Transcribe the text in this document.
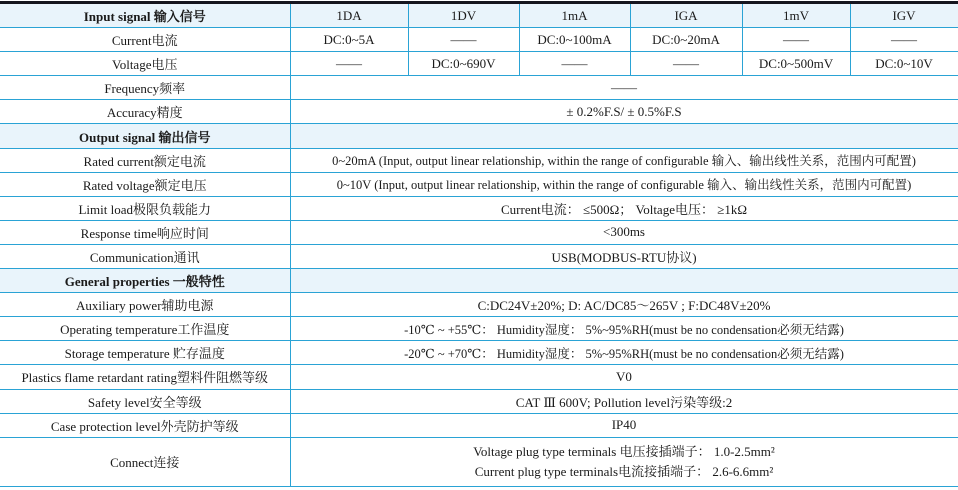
Input signal 输入信号	1DA	1DV	1mA	IGA	1mV	IGV
Current电流	DC:0~5A	——	DC:0~100mA	DC:0~20mA	——	——
Voltage电压	——	DC:0~690V	——	——	DC:0~500mV	DC:0~10V
Frequency频率	——					
Accuracy精度	± 0.2%F.S/ ± 0.5%F.S					
Output signal 输出信号						
Rated current额定电流	0~20mA (Input, output linear relationship, within the range of configurable 输入、输出线性关系，范围内可配置)					
Rated voltage额定电压	0~10V (Input, output linear relationship, within the range of configurable 输入、输出线性关系，范围内可配置)					
Limit load极限负载能力	Current电流： ≤500Ω； Voltage电压： ≥1kΩ					
Response time响应时间	<300ms					
Communication通讯	USB(MODBUS-RTU协议)					
General properties 一般特性						
Auxiliary power辅助电源	C:DC24V±20%; D: AC/DC85～265V ; F:DC48V±20%					
Operating temperature工作温度	-10℃ ~ +55℃： Humidity湿度： 5%~95%RH(must be no condensation必须无结露)					
Storage temperature 贮存温度	-20℃ ~ +70℃： Humidity湿度： 5%~95%RH(must be no condensation必须无结露)					
Plastics flame retardant rating塑料件阻燃等级	V0					
Safety level安全等级	CAT Ⅲ 600V; Pollution level污染等级:2					
Case protection level外壳防护等级	IP40					
Connect连接	Voltage plug type terminals 电压接插端子： 1.0-2.5mm²
Current plug type terminals电流接插端子： 2.6-6.6mm²					
